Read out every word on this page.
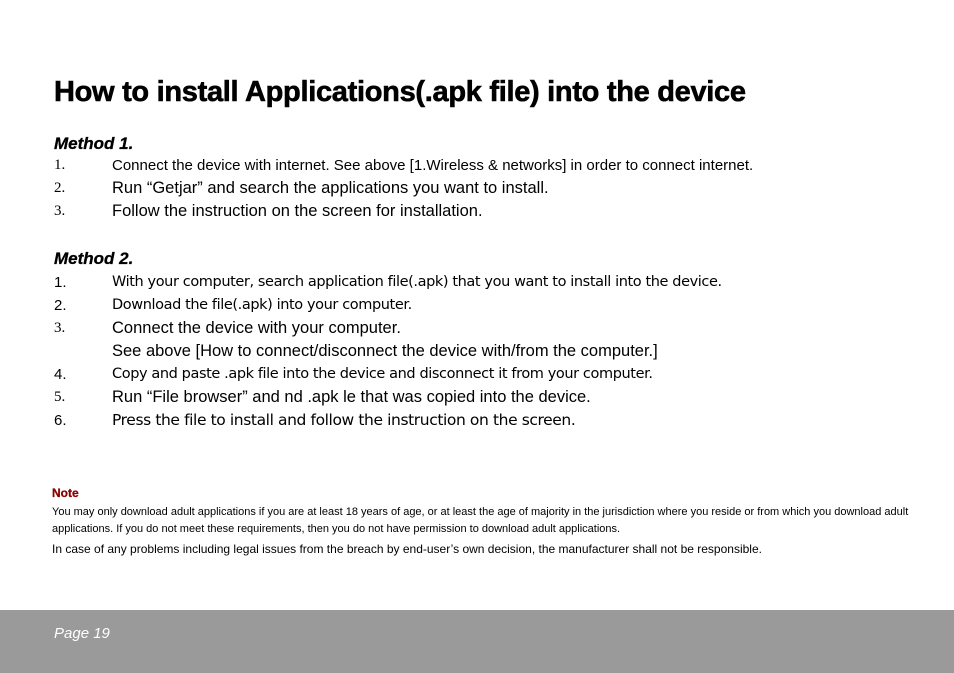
How to install Applications(.apk file) into the device
Method 1.
1.	Connect the device with internet. See above [1.Wireless & networks] in order to connect internet.
2.	Run “Getjar” and search the applications you want to install.
3.	Follow the instruction on the screen for installation.
Method 2.
1.	With your computer, search application file(.apk) that you want to install into the device.
2.	Download the file(.apk) into your computer.
3.	Connect the device with your computer.
See above [How to connect/disconnect the device with/from the computer.]
4.	Copy and paste .apk file into the device and disconnect it from your computer.
5.	Run “File browser” and nd .apk le that was copied into the device.
6.	Press the file to install and follow the instruction on the screen.

Note

You may only download adult applications if you are at least 18 years of age, or at least the age of majority in the jurisdiction where you reside or from which you download adult applications. If you do not meet these requirements, then you do not have permission to download adult applications.

In case of any problems including legal issues from the breach by end-user’s own decision, the manufacturer shall not be responsible.

Page 19
